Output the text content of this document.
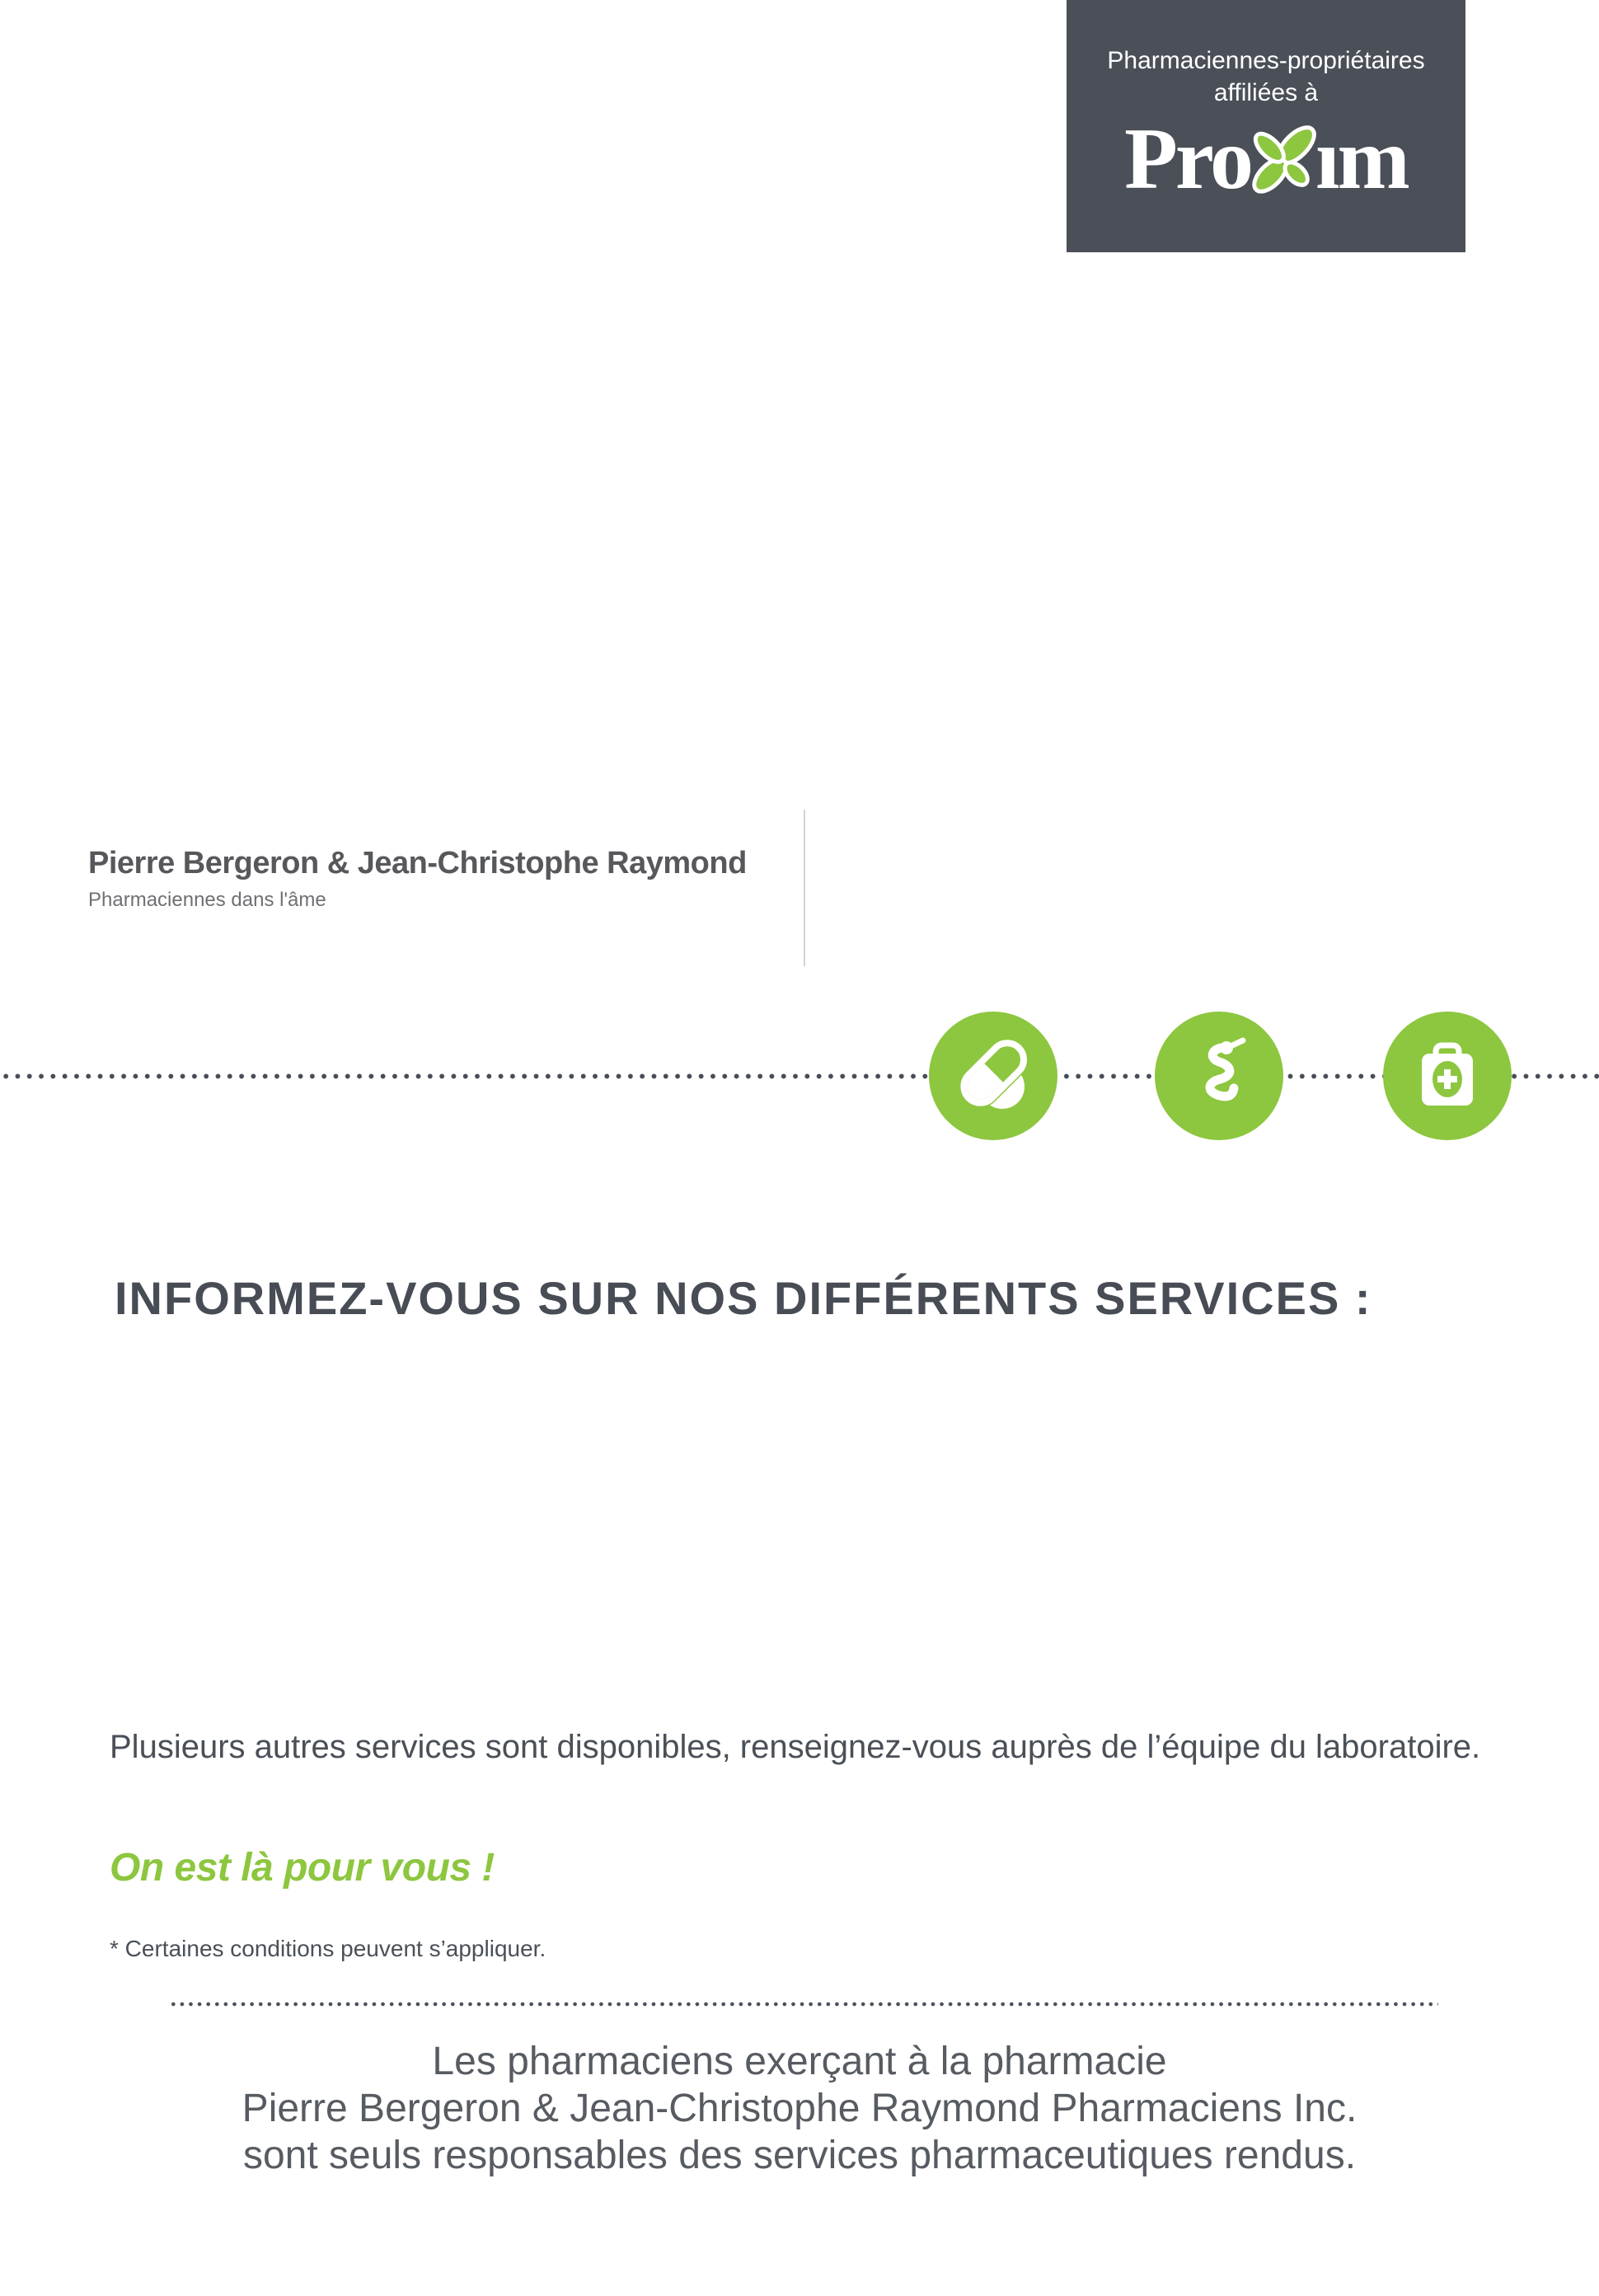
Pharmaciennes-propriétaires
affiliées à
Pro ım
Pierre Bergeron & Jean-Christophe Raymond
Pharmaciennes dans l'âme
INFORMEZ-VOUS SUR NOS DIFFÉRENTS SERVICES :
Plusieurs autres services sont disponibles, renseignez-vous auprès de l’équipe du laboratoire.
On est là pour vous !
* Certaines conditions peuvent s’appliquer.
Les pharmaciens exerçant à la pharmacie
Pierre Bergeron & Jean-Christophe Raymond Pharmaciens Inc.
sont seuls responsables des services pharmaceutiques rendus.
